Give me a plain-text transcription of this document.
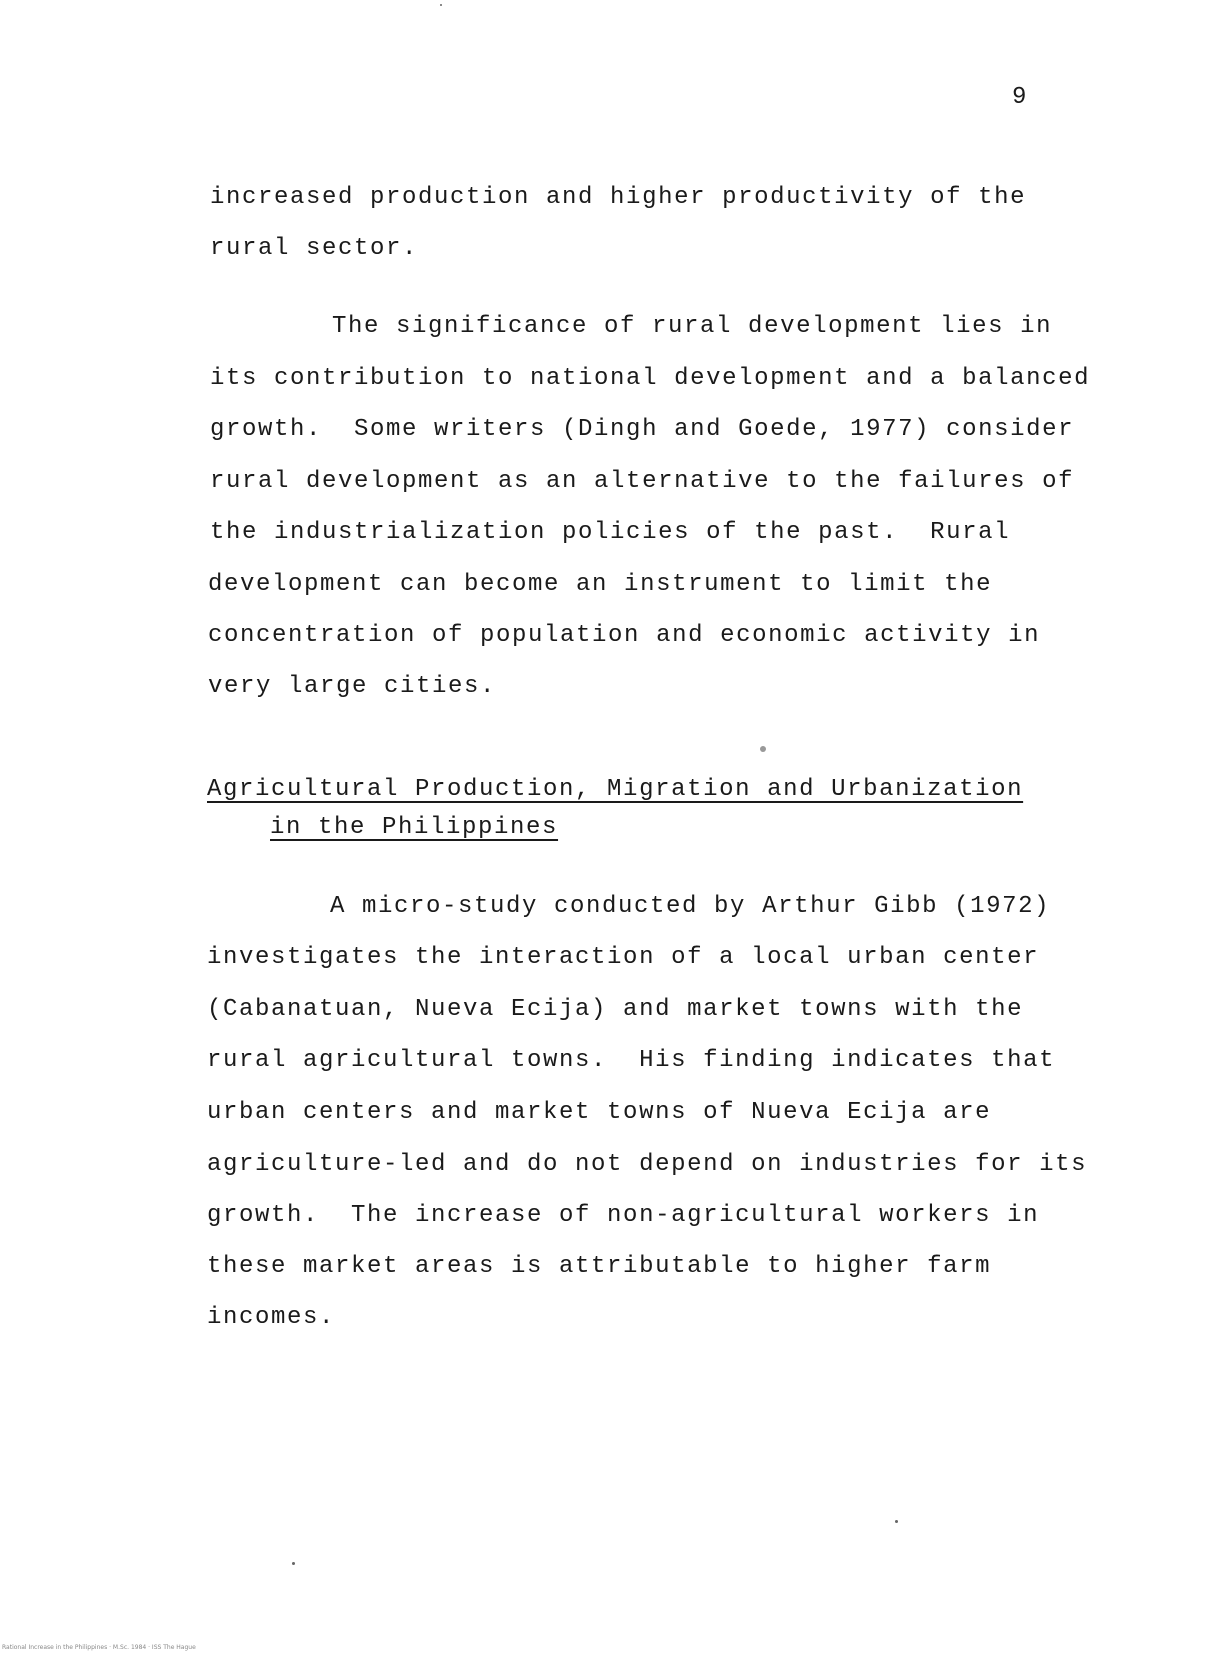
9
increased production and higher productivity of the
rural sector.
The significance of rural development lies in
its contribution to national development and a balanced
growth.  Some writers (Dingh and Goede, 1977) consider
rural development as an alternative to the failures of
the industrialization policies of the past.  Rural
development can become an instrument to limit the
concentration of population and economic activity in
very large cities.
Agricultural Production, Migration and Urbanization
in the Philippines
A micro-study conducted by Arthur Gibb (1972)
investigates the interaction of a local urban center
(Cabanatuan, Nueva Ecija) and market towns with the
rural agricultural towns.  His finding indicates that
urban centers and market towns of Nueva Ecija are
agriculture-led and do not depend on industries for its
growth.  The increase of non-agricultural workers in
these market areas is attributable to higher farm
incomes.
Rational Increase in the Philippines · M.Sc. 1984 · ISS The Hague
